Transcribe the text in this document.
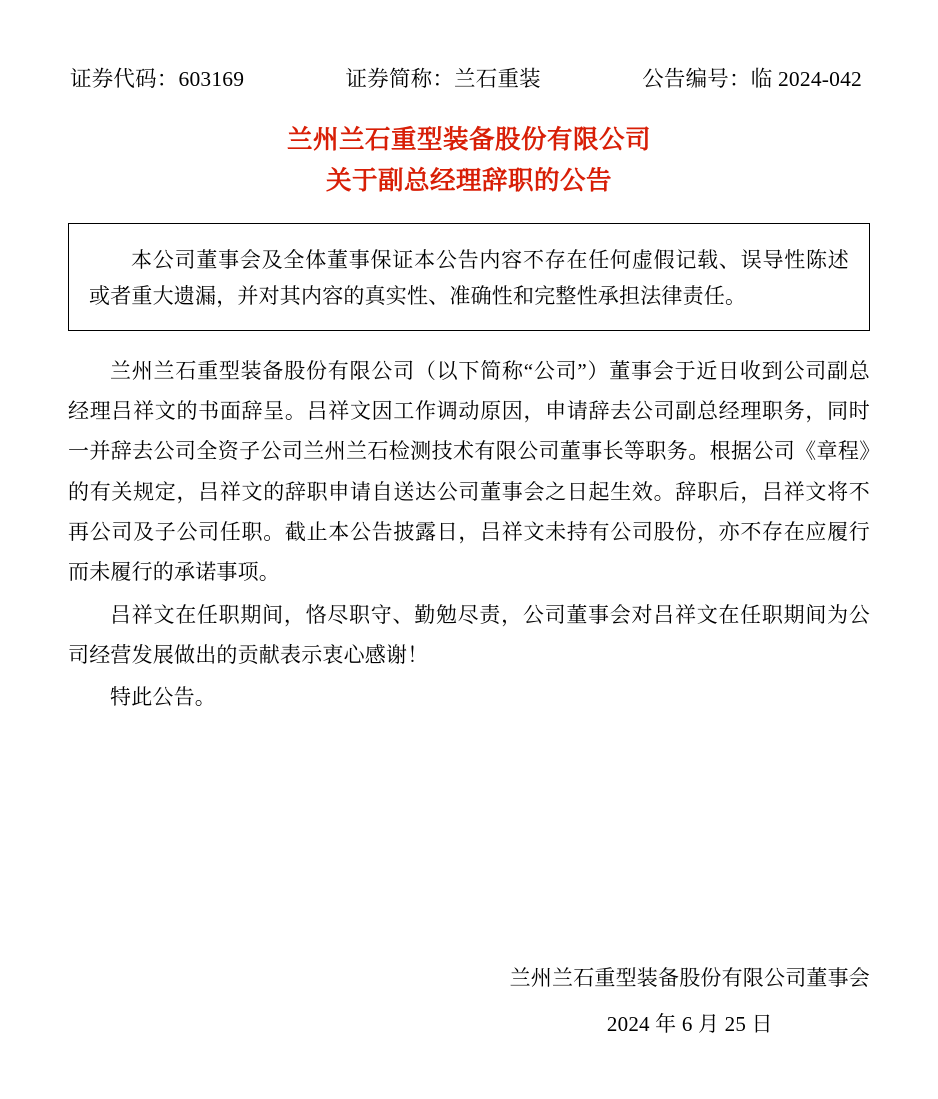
证券代码：603169	证券简称：兰石重装	公告编号：临 2024-042
兰州兰石重型装备股份有限公司
关于副总经理辞职的公告

本公司董事会及全体董事保证本公告内容不存在任何虚假记载、误导性陈述或者重大遗漏，并对其内容的真实性、准确性和完整性承担法律责任。

兰州兰石重型装备股份有限公司（以下简称“公司”）董事会于近日收到公司副总经理吕祥文的书面辞呈。吕祥文因工作调动原因，申请辞去公司副总经理职务，同时一并辞去公司全资子公司兰州兰石检测技术有限公司董事长等职务。根据公司《章程》的有关规定，吕祥文的辞职申请自送达公司董事会之日起生效。辞职后，吕祥文将不再公司及子公司任职。截止本公告披露日，吕祥文未持有公司股份，亦不存在应履行而未履行的承诺事项。

吕祥文在任职期间，恪尽职守、勤勉尽责，公司董事会对吕祥文在任职期间为公司经营发展做出的贡献表示衷心感谢！

特此公告。

兰州兰石重型装备股份有限公司董事会
2024 年 6 月 25 日
